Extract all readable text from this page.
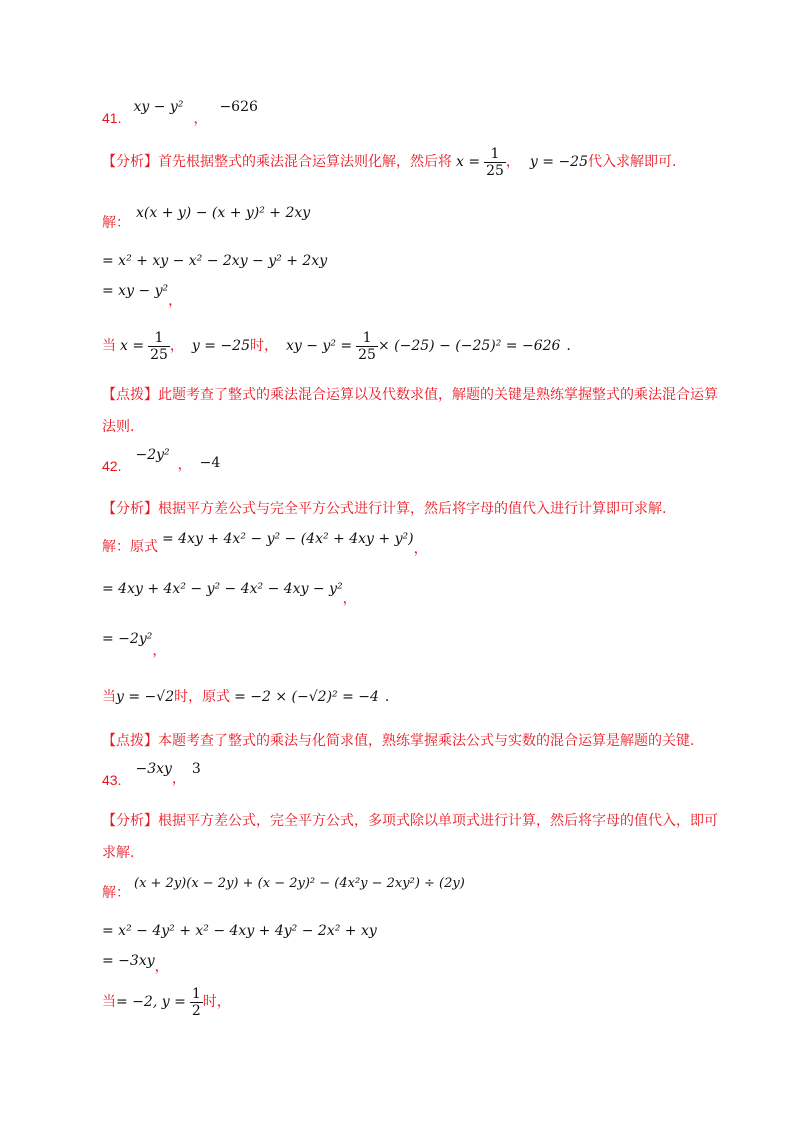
41. xy − y² ， −626
【分析】首先根据整式的乘法混合运算法则化解，然后将 $x = \frac{1}{25}$ ， y = −25代入求解即可.
解： x(x + y) − (x + y)² + 2xy
= x² + xy − x² − 2xy − y² + 2xy
= xy − y²，
当 $x = \frac{1}{25}$ ， y = −25时， xy − $y^2 = \frac{1}{25} \times (-25) - (-25)^2 = -626$ .
【点拨】此题考查了整式的乘法混合运算以及代数求值，解题的关键是熟练掌握整式的乘法混合运算
法则.
42. −2y² ， −4
【分析】根据平方差公式与完全平方公式进行计算，然后将字母的值代入进行计算即可求解.
解：原式 = 4xy + 4x² − y² − (4x² + 4xy + y²)，
= 4xy + 4x² − y² − 4x² − 4xy − y²，
= −2y²，
当y = −√2时，原式 = −2 × (−√2)² = −4 .
【点拨】本题考查了整式的乘法与化简求值，熟练掌握乘法公式与实数的混合运算是解题的关键.
43. −3xy， 3
【分析】根据平方差公式，完全平方公式，多项式除以单项式进行计算，然后将字母的值代入，即可
求解.
解： (x + 2y)(x − 2y) + (x − 2y)² − (4x²y − 2xy²) ÷ (2y)
= x² − 4y² + x² − 4xy + 4y² − 2x² + xy
= −3xy，
当= −2, $y = \frac{1}{2}$ 时，
